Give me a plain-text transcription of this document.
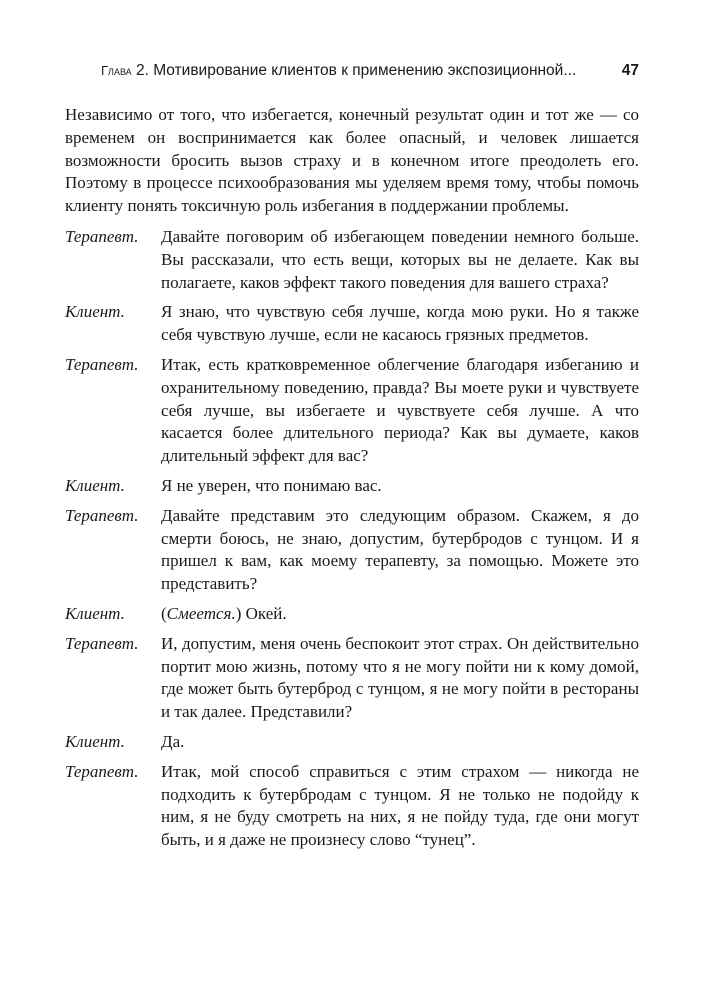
Глава 2. Мотивирование клиентов к применению экспозиционной...	47

Независимо от того, что избегается, конечный результат один и тот же — со временем он воспринимается как более опасный, и человек лишается возможности бросить вызов страху и в конечном итоге преодолеть его. Поэтому в процессе психообразования мы уделяем время тому, чтобы помочь клиенту понять токсичную роль избегания в поддержании проблемы.

Терапевт.	Давайте поговорим об избегающем поведении немного больше. Вы рассказали, что есть вещи, которых вы не делаете. Как вы полагаете, каков эффект такого поведения для вашего страха?
Клиент.	Я знаю, что чувствую себя лучше, когда мою руки. Но я также себя чувствую лучше, если не касаюсь грязных предметов.
Терапевт.	Итак, есть кратковременное облегчение благодаря избеганию и охранительному поведению, правда? Вы моете руки и чувствуете себя лучше, вы избегаете и чувствуете себя лучше. А что касается более длительного периода? Как вы думаете, каков длительный эффект для вас?
Клиент.	Я не уверен, что понимаю вас.
Терапевт.	Давайте представим это следующим образом. Скажем, я до смерти боюсь, не знаю, допустим, бутербродов с тунцом. И я пришел к вам, как моему терапевту, за помощью. Можете это представить?
Клиент.	(Смеется.) Окей.
Терапевт.	И, допустим, меня очень беспокоит этот страх. Он действительно портит мою жизнь, потому что я не могу пойти ни к кому домой, где может быть бутерброд с тунцом, я не могу пойти в рестораны и так далее. Представили?
Клиент.	Да.
Терапевт.	Итак, мой способ справиться с этим страхом — никогда не подходить к бутербродам с тунцом. Я не только не подойду к ним, я не буду смотреть на них, я не пойду туда, где они могут быть, и я даже не произнесу слово “тунец”.
